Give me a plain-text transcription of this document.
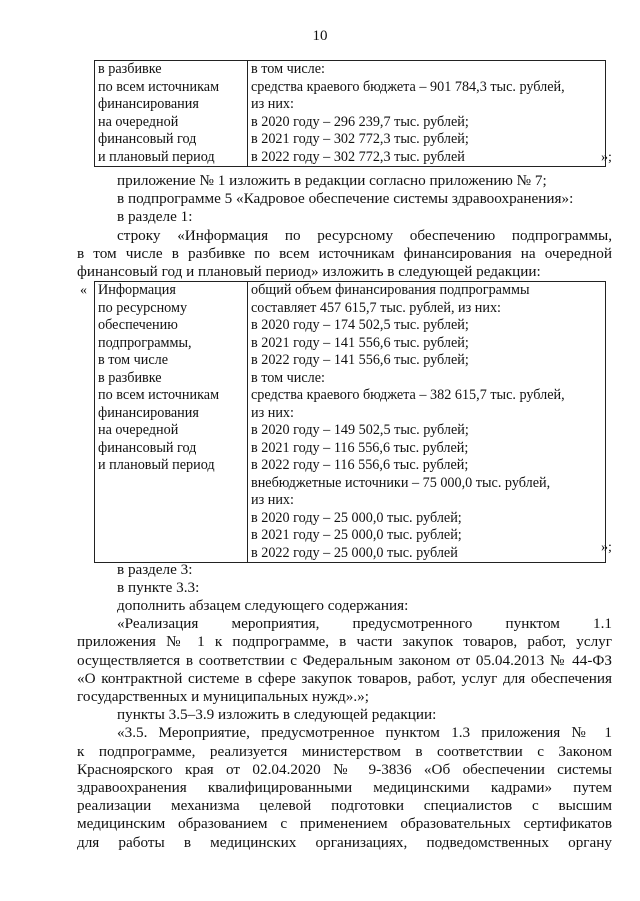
10
в разбивке
по всем источникам
финансирования
на очередной
финансовый год
и плановый период

в том числе:
средства краевого бюджета – 901 784,3 тыс. рублей,
из них:
в 2020 году – 296 239,7 тыс. рублей;
в 2021 году – 302 772,3 тыс. рублей;
в 2022 году – 302 772,3 тыс. рублей	»;
приложение № 1 изложить в редакции согласно приложению № 7;
в подпрограмме 5 «Кадровое обеспечение системы здравоохранения»:
в разделе 1:
строку «Информация по ресурсному обеспечению подпрограммы,
в том числе в разбивке по всем источникам финансирования на очередной
финансовый год и плановый период» изложить в следующей редакции:
« Информация
по ресурсному
обеспечению
подпрограммы,
в том числе
в разбивке
по всем источникам
финансирования
на очередной
финансовый год
и плановый период

общий объем финансирования подпрограммы
составляет 457 615,7 тыс. рублей, из них:
в 2020 году – 174 502,5 тыс. рублей;
в 2021 году – 141 556,6 тыс. рублей;
в 2022 году – 141 556,6 тыс. рублей;
в том числе:
средства краевого бюджета – 382 615,7 тыс. рублей,
из них:
в 2020 году – 149 502,5 тыс. рублей;
в 2021 году – 116 556,6 тыс. рублей;
в 2022 году – 116 556,6 тыс. рублей;
внебюджетные источники – 75 000,0 тыс. рублей,
из них:
в 2020 году – 25 000,0 тыс. рублей;
в 2021 году – 25 000,0 тыс. рублей;
в 2022 году – 25 000,0 тыс. рублей	»;
в разделе 3:
в пункте 3.3:
дополнить абзацем следующего содержания:
«Реализация мероприятия, предусмотренного пунктом 1.1
приложения № 1 к подпрограмме, в части закупок товаров, работ, услуг
осуществляется в соответствии с Федеральным законом от 05.04.2013 № 44-ФЗ
«О контрактной системе в сфере закупок товаров, работ, услуг для обеспечения
государственных и муниципальных нужд».»;
пункты 3.5–3.9 изложить в следующей редакции:
«3.5. Мероприятие, предусмотренное пунктом 1.3 приложения № 1
к подпрограмме, реализуется министерством в соответствии с Законом
Красноярского края от 02.04.2020 № 9-3836 «Об обеспечении системы
здравоохранения квалифицированными медицинскими кадрами» путем
реализации механизма целевой подготовки специалистов с высшим
медицинским образованием с применением образовательных сертификатов
для работы в медицинских организациях, подведомственных органу
